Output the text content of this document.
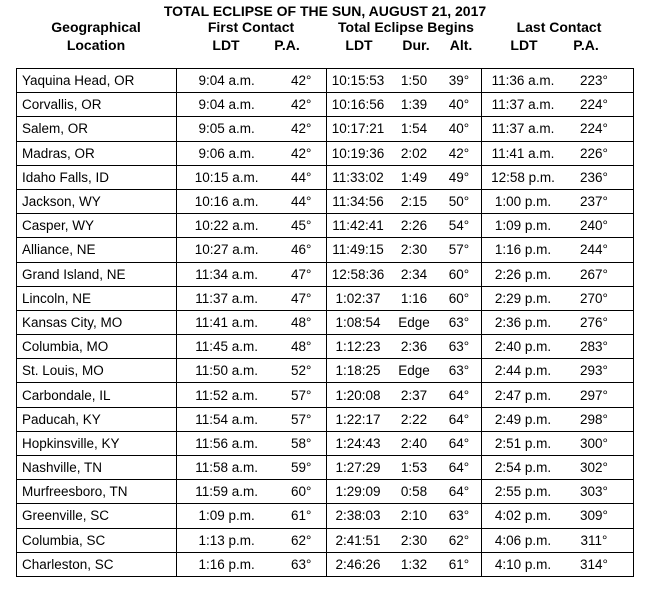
TOTAL ECLIPSE OF THE SUN, AUGUST 21, 2017
Geographical
Location
First Contact
LDT	P.A.
Total Eclipse Begins
LDT	Dur.	Alt.
Last Contact
LDT	P.A.
Yaquina Head, OR	9:04 a.m. 42°	10:15:53 1:50 39°	11:36 a.m. 223°

Corvallis, OR	9:04 a.m. 42°	10:16:56 1:39 40°	11:37 a.m. 224°

Salem, OR	9:05 a.m. 42°	10:17:21 1:54 40°	11:37 a.m. 224°

Madras, OR	9:06 a.m. 42°	10:19:36 2:02 42°	11:41 a.m. 226°

Idaho Falls, ID	10:15 a.m. 44°	11:33:02 1:49 49°	12:58 p.m. 236°

Jackson, WY	10:16 a.m. 44°	11:34:56 2:15 50°	1:00 p.m. 237°

Casper, WY	10:22 a.m. 45°	11:42:41 2:26 54°	1:09 p.m. 240°

Alliance, NE	10:27 a.m. 46°	11:49:15 2:30 57°	1:16 p.m. 244°

Grand Island, NE	11:34 a.m. 47°	12:58:36 2:34 60°	2:26 p.m. 267°

Lincoln, NE	11:37 a.m. 47°	1:02:37 1:16 60°	2:29 p.m. 270°

Kansas City, MO	11:41 a.m. 48°	1:08:54 Edge 63°	2:36 p.m. 276°

Columbia, MO	11:45 a.m. 48°	1:12:23 2:36 63°	2:40 p.m. 283°

St. Louis, MO	11:50 a.m. 52°	1:18:25 Edge 63°	2:44 p.m. 293°

Carbondale, IL	11:52 a.m. 57°	1:20:08 2:37 64°	2:47 p.m. 297°

Paducah, KY	11:54 a.m. 57°	1:22:17 2:22 64°	2:49 p.m. 298°

Hopkinsville, KY	11:56 a.m. 58°	1:24:43 2:40 64°	2:51 p.m. 300°

Nashville, TN	11:58 a.m. 59°	1:27:29 1:53 64°	2:54 p.m. 302°

Murfreesboro, TN	11:59 a.m. 60°	1:29:09 0:58 64°	2:55 p.m. 303°

Greenville, SC	1:09 p.m. 61°	2:38:03 2:10 63°	4:02 p.m. 309°

Columbia, SC	1:13 p.m. 62°	2:41:51 2:30 62°	4:06 p.m. 311°

Charleston, SC	1:16 p.m. 63°	2:46:26 1:32 61°	4:10 p.m. 314°
